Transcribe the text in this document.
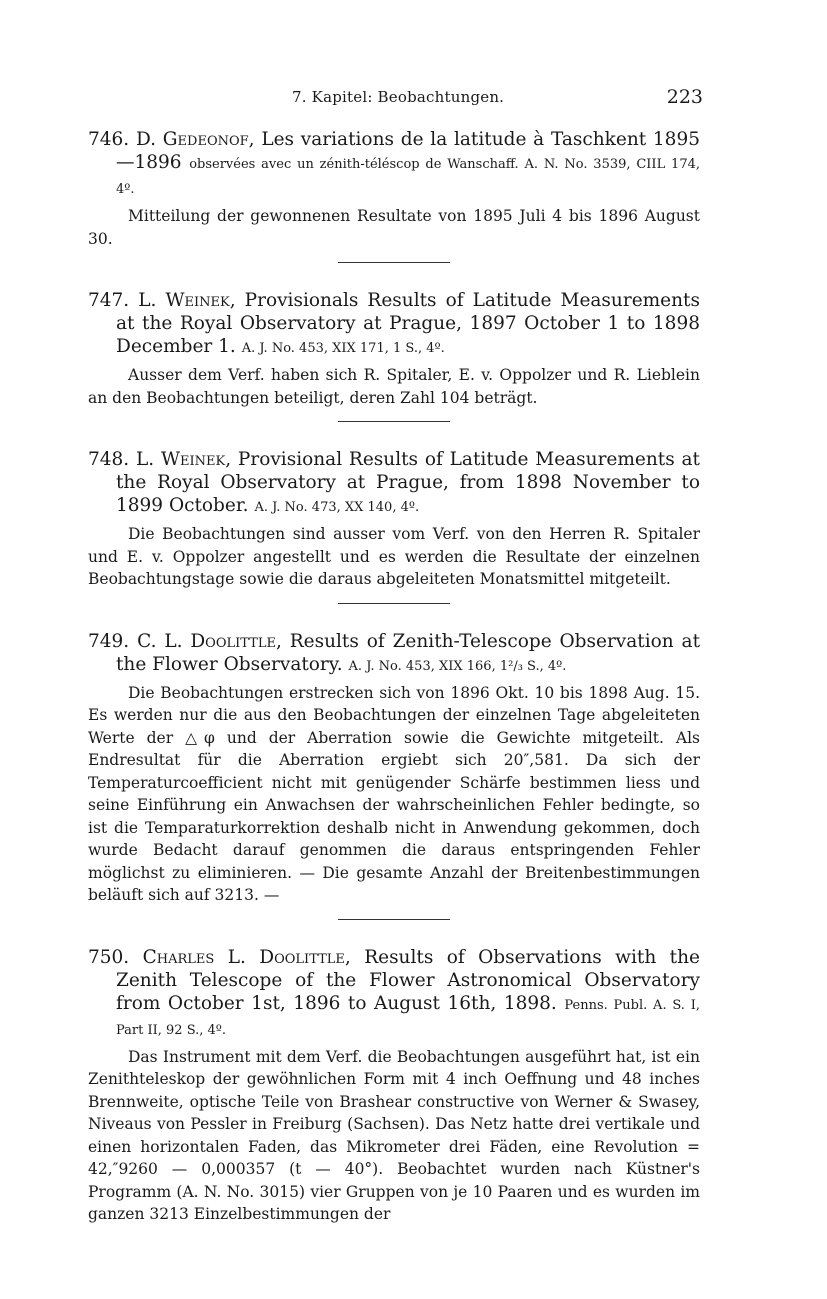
7. Kapitel: Beobachtungen.	223

746. D. Gedeonof, Les variations de la latitude à Taschkent 1895 —1896 observées avec un zénith-téléscop de Wanschaff. A. N. No. 3539, CIIL 174, 4º.

Mitteilung der gewonnenen Resultate von 1895 Juli 4 bis 1896 August 30.

747. L. Weinek, Provisionals Results of Latitude Measurements at the Royal Observatory at Prague, 1897 October 1 to 1898 December 1. A. J. No. 453, XIX 171, 1 S., 4º.

Ausser dem Verf. haben sich R. Spitaler, E. v. Oppolzer und R. Lieblein an den Beobachtungen beteiligt, deren Zahl 104 beträgt.

748. L. Weinek, Provisional Results of Latitude Measurements at the Royal Observatory at Prague, from 1898 November to 1899 October. A. J. No. 473, XX 140, 4º.

Die Beobachtungen sind ausser vom Verf. von den Herren R. Spitaler und E. v. Oppolzer angestellt und es werden die Resultate der einzelnen Beobachtungstage sowie die daraus abgeleiteten Monatsmittel mitgeteilt.

749. C. L. Doolittle, Results of Zenith-Telescope Observation at the Flower Observatory. A. J. No. 453, XIX 166, 1²/₃ S., 4º.

Die Beobachtungen erstrecken sich von 1896 Okt. 10 bis 1898 Aug. 15. Es werden nur die aus den Beobachtungen der einzelnen Tage abgeleiteten Werte der △φ und der Aberration sowie die Gewichte mitgeteilt. Als Endresultat für die Aberration ergiebt sich 20″,581. Da sich der Temperaturcoefficient nicht mit genügender Schärfe bestimmen liess und seine Einführung ein Anwachsen der wahrscheinlichen Fehler bedingte, so ist die Temparaturkorrektion deshalb nicht in Anwendung gekommen, doch wurde Bedacht darauf genommen die daraus entspringenden Fehler möglichst zu eliminieren. — Die gesamte Anzahl der Breitenbestimmungen beläuft sich auf 3213. —

750. Charles L. Doolittle, Results of Observations with the Zenith Telescope of the Flower Astronomical Observatory from October 1st, 1896 to August 16th, 1898. Penns. Publ. A. S. I, Part II, 92 S., 4º.

Das Instrument mit dem Verf. die Beobachtungen ausgeführt hat, ist ein Zenithteleskop der gewöhnlichen Form mit 4 inch Oeffnung und 48 inches Brennweite, optische Teile von Brashear constructive von Werner & Swasey, Niveaus von Pessler in Freiburg (Sachsen). Das Netz hatte drei vertikale und einen horizontalen Faden, das Mikrometer drei Fäden, eine Revolution = 42,″9260 — 0,000357 (t — 40°). Beobachtet wurden nach Küstner's Programm (A. N. No. 3015) vier Gruppen von je 10 Paaren und es wurden im ganzen 3213 Einzelbestimmungen der
